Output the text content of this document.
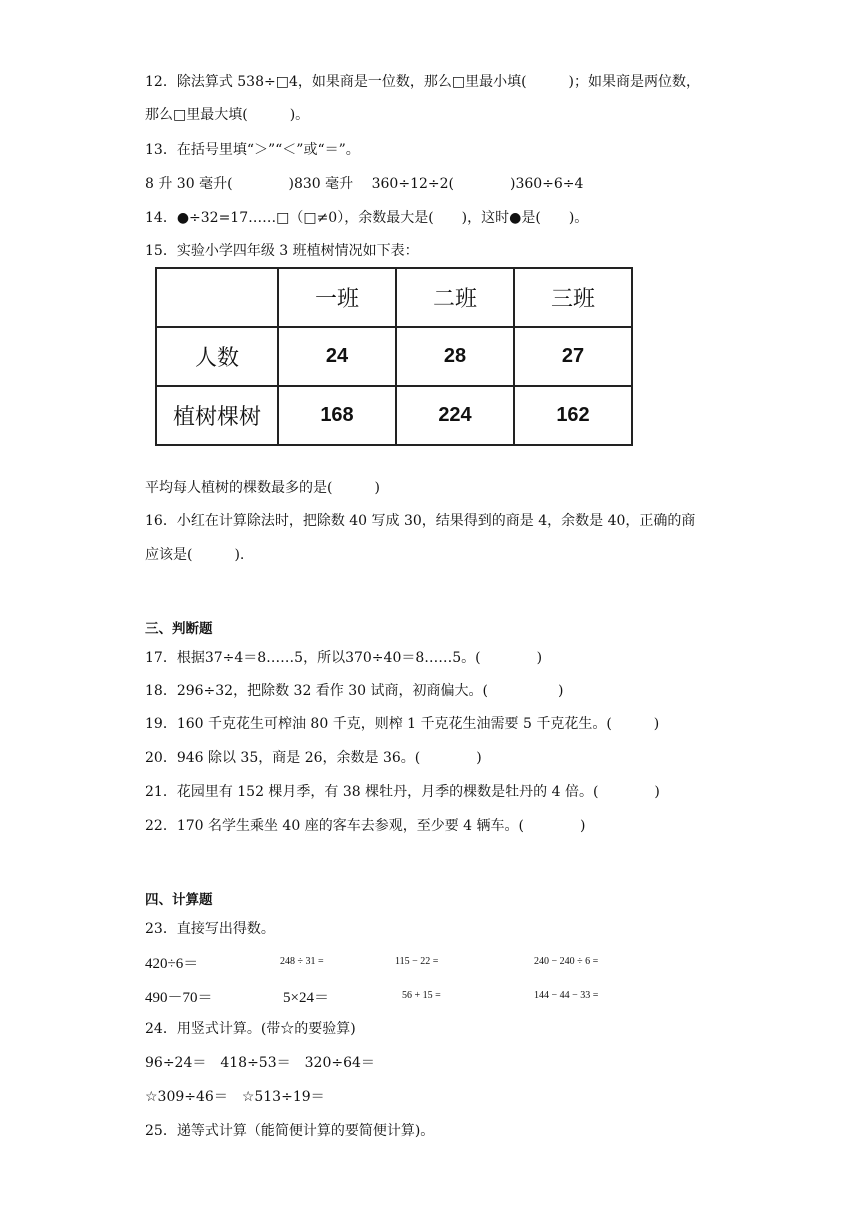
12．除法算式 538÷□4，如果商是一位数，那么□里最小填(　　　)；如果商是两位数，
那么□里最大填(　　　)。
13．在括号里填“＞”“＜”或“＝”。
8 升 30 毫升(　　　　)830 毫升　 360÷12÷2(　　　　)360÷6÷4
14．●÷32=17……□（□≠0），余数最大是(　　)，这时●是(　　)。
15．实验小学四年级 3 班植树情况如下表：
	一班	二班	三班
人数	24	28	27
植树棵树	168	224	162
平均每人植树的棵数最多的是(　　　)
16．小红在计算除法时，把除数 40 写成 30，结果得到的商是 4，余数是 40，正确的商
应该是(　　　).
三、判断题
17．根据37÷4＝8……5，所以370÷40＝8……5。(　　　　)
18．296÷32，把除数 32 看作 30 试商，初商偏大。(　　　　　)
19．160 千克花生可榨油 80 千克，则榨 1 千克花生油需要 5 千克花生。(　　　)
20．946 除以 35，商是 26，余数是 36。(　　　　)
21．花园里有 152 棵月季，有 38 棵牡丹，月季的棵数是牡丹的 4 倍。(　　　　)
22．170 名学生乘坐 40 座的客车去参观，至少要 4 辆车。(　　　　)
四、计算题
23．直接写出得数。
420÷6＝	248 ÷ 31 =	115 − 22 =	240 − 240 ÷ 6 =
490－70＝	5×24＝	56 + 15 =	144 − 44 − 33 =
24．用竖式计算。(带☆的要验算)
96÷24＝　418÷53＝　320÷64＝
☆309÷46＝　☆513÷19＝
25．递等式计算（能简便计算的要简便计算)。
